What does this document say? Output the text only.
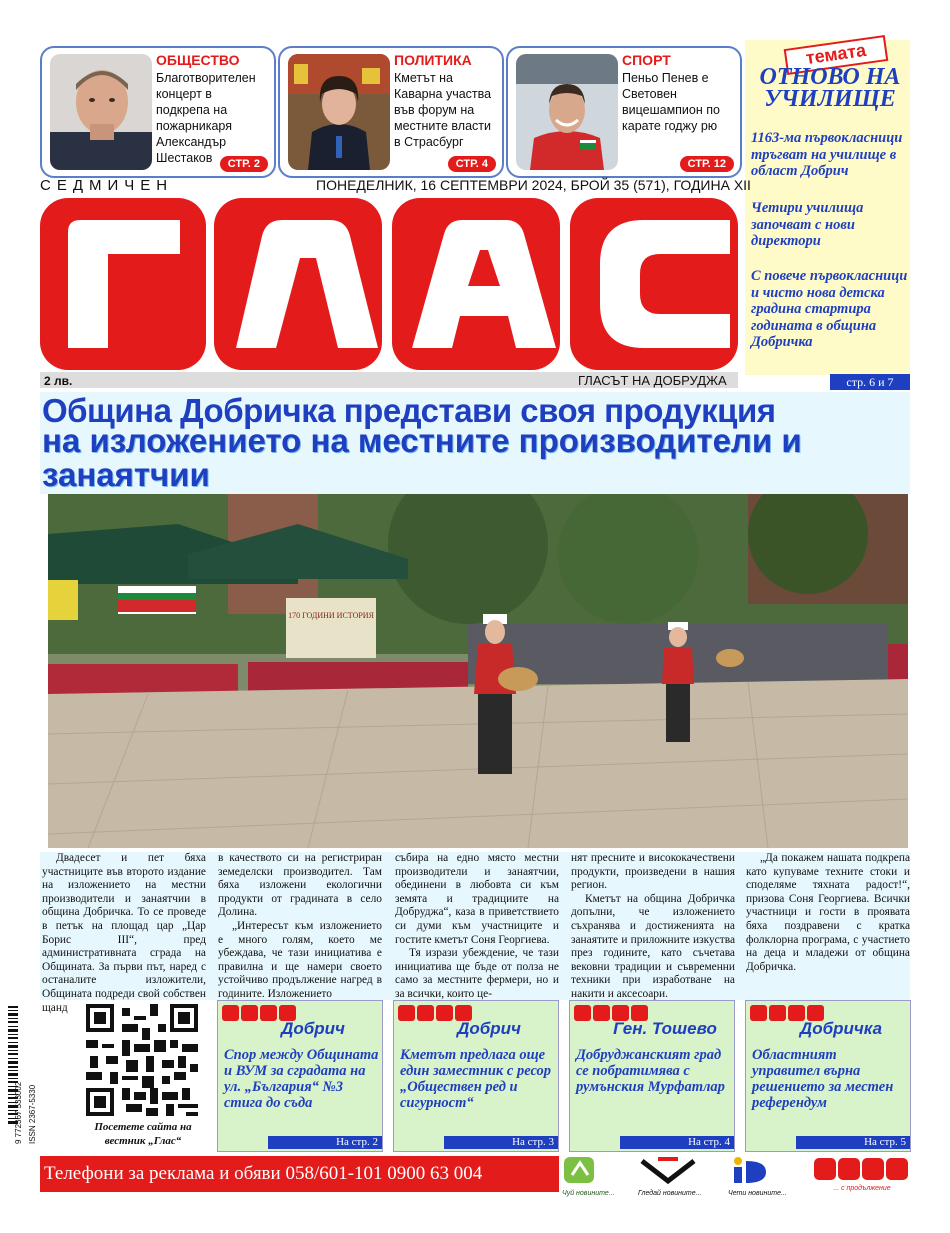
ОБЩЕСТВО
Благотворителен концерт в подкрепа на пожарникаря Александър Шестаков	СТР. 2
ПОЛИТИКА
Кметът на Каварна участва във форум на местните власти в Страсбург
СТР. 4
СПОРТ
Пеньо Пенев е Световен вицешампион по карате годжу рю
СТР. 12
темата
ОТНОВО НА УЧИЛИЩЕ
1163-ма първокласници тръгват на училище в област Добрич
Четири училища започват с нови директори
С повече първокласници и чисто нова детска градина стартира годината в община Добричка
стр. 6 и 7
СЕДМИЧЕН	ПОНЕДЕЛНИК, 16 СЕПТЕМВРИ 2024, БРОЙ 35 (571), ГОДИНА XII
2 лв.	ГЛАСЪТ НА ДОБРУДЖА
Община Добричка представи своя продукция
на изложението на местните производители и
занаятчии
170 ГОДИНИ ИСТОРИЯ

Двадесет и пет бяха участниците във второто издание на изложението на местни производители и занаятчии в община Добричка. То се проведе в петък на площад цар „Цар Борис III“, пред административната сграда на Общината. За първи път, наред с останалите изложители, Общината подреди свой собствен щанд

в качеството си на регистриран земеделски производител. Там бяха изложени екологични продукти от градината в село Долина.

„Интересът към изложението е много голям, което ме убеждава, че тази инициатива е правилна и ще намери своето устойчиво продължение нагред в годините. Изложението

събира на едно място местни производители и занаятчии, обединени в любовта си към земята и традициите на Добруджа“, каза в приветствието си думи към участниците и гостите кметът Соня Георгиева.

Тя изрази убеждение, че тази инициатива ще бъде от полза не само за местните фермери, но и за всички, които це-

нят пресните и висококачествени продукти, произведени в нашия регион.

Кметът на община Добричка допълни, че изложението съхранява и достиженията на занаятите и приложните изкуства през годините, като съчетава вековни традиции и съвременни техники при изработване на накити и аксесоари.

„Да покажем нашата подкрепа като купуваме техните стоки и споделяме тяхната радост!“, призова Соня Георгиева. Всички участници и гости в проявата бяха поздравени с кратка фолклорна програма, с участието на деца и младежи от община Добричка.

9 772367 533002 ISSN 2367-5330	Посетете сайта на вестник „Глас“
Добрич
Спор между Общината и ВУМ за сградата на ул. „България“ №3 стига до съда
На стр. 2
Добрич
Кметът предлага още един заместник с ресор „Обществен ред и сигурност“
На стр. 3
Ген. Тошево
Добруджанският град се побратимява с румънския Мурфатлар
На стр. 4
Добричка
Областният управител върна решението за местен референдум
На стр. 5
Телефони за реклама и обяви 058/601-101 0900 63 004
Чуй новините...	Гледай новините...	Чети новините...
... с продължение
